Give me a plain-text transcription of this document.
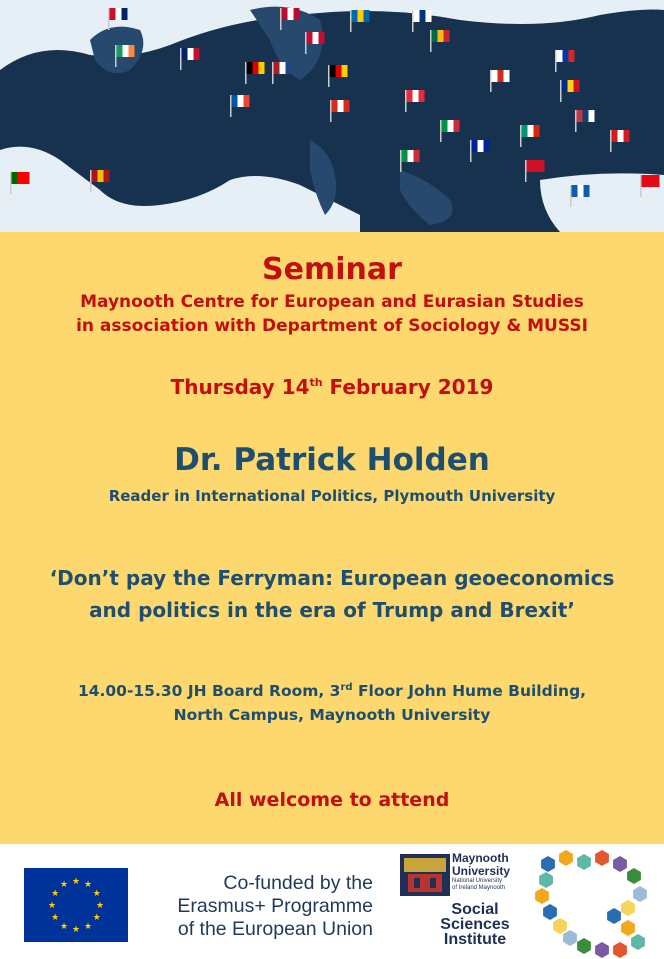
Seminar
Maynooth Centre for European and Eurasian Studies
in association with Department of Sociology & MUSSI
Thursday 14th February 2019
Dr. Patrick Holden
Reader in International Politics, Plymouth University
‘Don’t pay the Ferryman: European geoeconomics
and politics in the era of Trump and Brexit’
14.00-15.30 JH Board Room, 3rd Floor John Hume Building,
North Campus, Maynooth University
All welcome to attend
★ ★
★
★
★
★
★
★
★
★
★
★	Co-funded by the
Erasmus+ Programme
of the European Union
Maynooth
University
National University
of Ireland Maynooth
Social
Sciences
Institute
